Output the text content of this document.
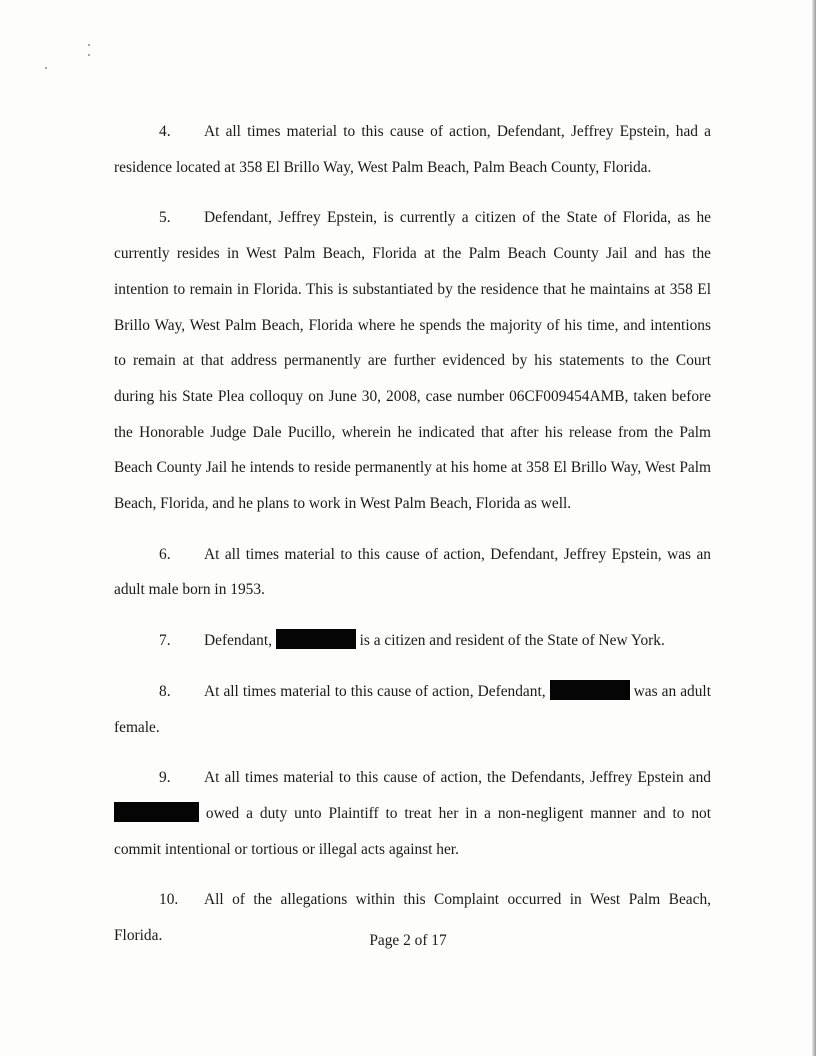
4. At all times material to this cause of action, Defendant, Jeffrey Epstein, had a residence located at 358 El Brillo Way, West Palm Beach, Palm Beach County, Florida.

5. Defendant, Jeffrey Epstein, is currently a citizen of the State of Florida, as he currently resides in West Palm Beach, Florida at the Palm Beach County Jail and has the intention to remain in Florida. This is substantiated by the residence that he maintains at 358 El Brillo Way, West Palm Beach, Florida where he spends the majority of his time, and intentions to remain at that address permanently are further evidenced by his statements to the Court during his State Plea colloquy on June 30, 2008, case number 06CF009454AMB, taken before the Honorable Judge Dale Pucillo, wherein he indicated that after his release from the Palm Beach County Jail he intends to reside permanently at his home at 358 El Brillo Way, West Palm Beach, Florida, and he plans to work in West Palm Beach, Florida as well.

6. At all times material to this cause of action, Defendant, Jeffrey Epstein, was an adult male born in 1953.

7. Defendant,	is a citizen and resident of the State of New York.

8. At all times material to this cause of action, Defendant,	was an adult female.

9. At all times material to this cause of action, the Defendants, Jeffrey Epstein and  owed a duty unto Plaintiff to treat her in a non-negligent manner and to not commit intentional or tortious or illegal acts against her.

10. All of the allegations within this Complaint occurred in West Palm Beach, Florida.	Page 2 of 17
